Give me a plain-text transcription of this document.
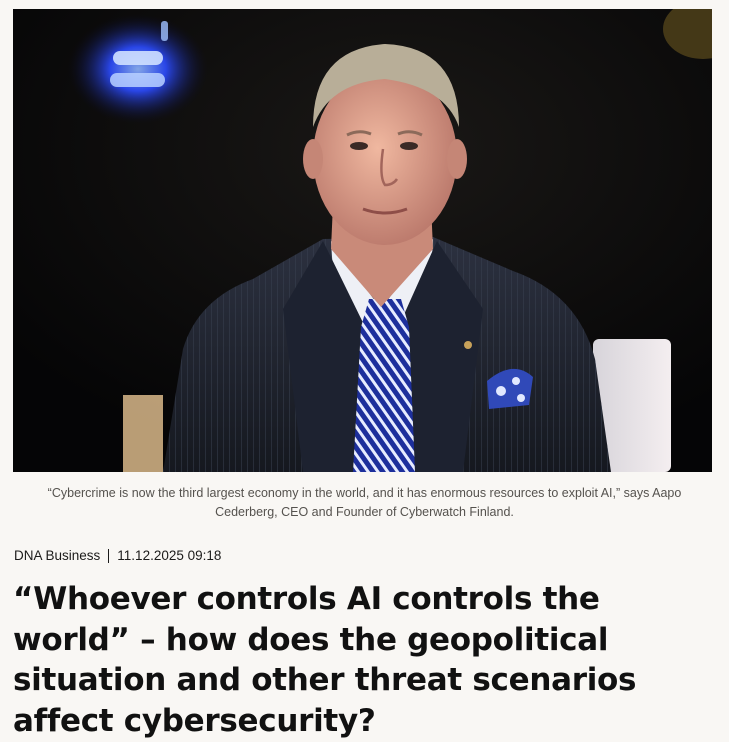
“Cybercrime is now the third largest economy in the world, and it has enormous resources to exploit AI,” says Aapo Cederberg, CEO and Founder of Cyberwatch Finland.
DNA Business 11.12.2025 09:18
“Whoever controls AI controls the world” – how does the geopolitical situation and other threat scenarios affect cybersecurity?
